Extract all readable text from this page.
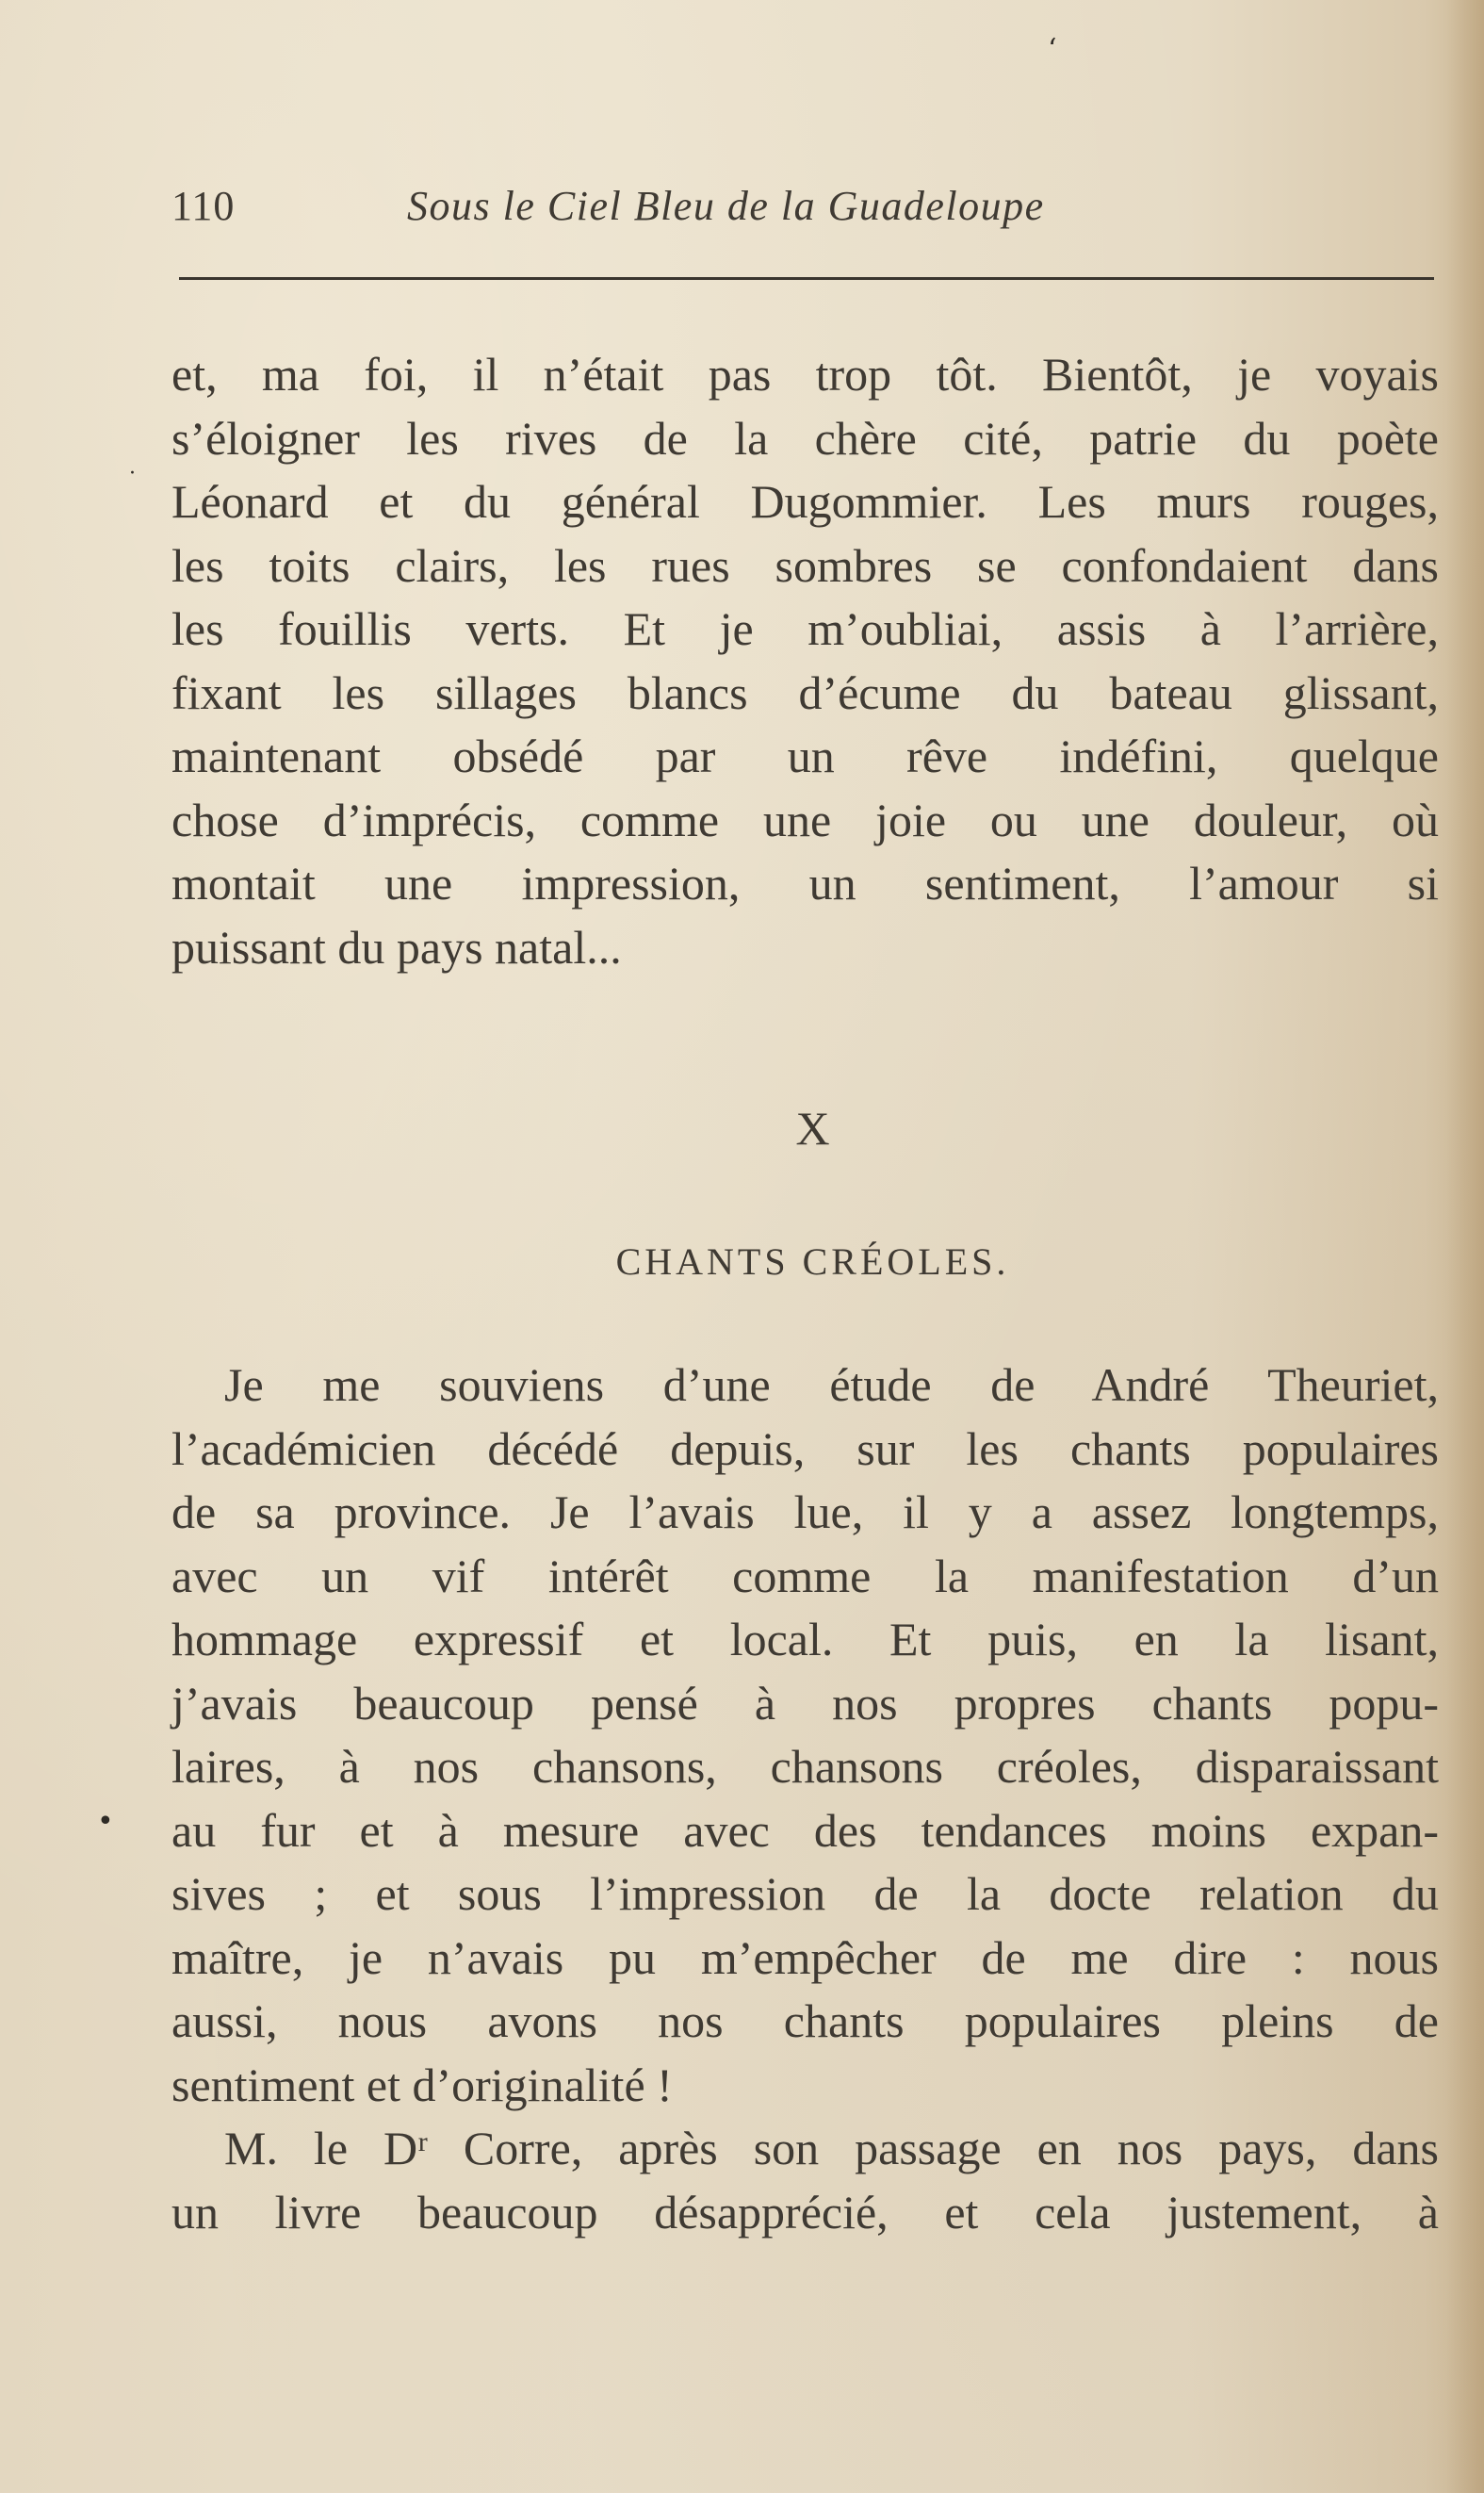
‘
·
•
110	Sous le Ciel Bleu de la Guadeloupe
et, ma foi, il n’était pas trop tôt. Bientôt, je voyais
s’éloigner les rives de la chère cité, patrie du poète
Léonard et du général Dugommier. Les murs rouges,
les toits clairs, les rues sombres se confondaient dans
les fouillis verts. Et je m’oubliai, assis à l’arrière,
fixant les sillages blancs d’écume du bateau glissant,
maintenant obsédé par un rêve indéfini, quelque
chose d’imprécis, comme une joie ou une douleur, où
montait une impression, un sentiment, l’amour si
puissant du pays natal...
X
CHANTS CRÉOLES.
Je me souviens d’une étude de André Theuriet,
l’académicien décédé depuis, sur les chants populaires
de sa province. Je l’avais lue, il y a assez longtemps,
avec un vif intérêt comme la manifestation d’un
hommage expressif et local. Et puis, en la lisant,
j’avais beaucoup pensé à nos propres chants popu-
laires, à nos chansons, chansons créoles, disparaissant
au fur et à mesure avec des tendances moins expan-
sives ; et sous l’impression de la docte relation du
maître, je n’avais pu m’empêcher de me dire : nous
aussi, nous avons nos chants populaires pleins de
sentiment et d’originalité !
M. le Dʳ Corre, après son passage en nos pays, dans
un livre beaucoup désapprécié, et cela justement, à
